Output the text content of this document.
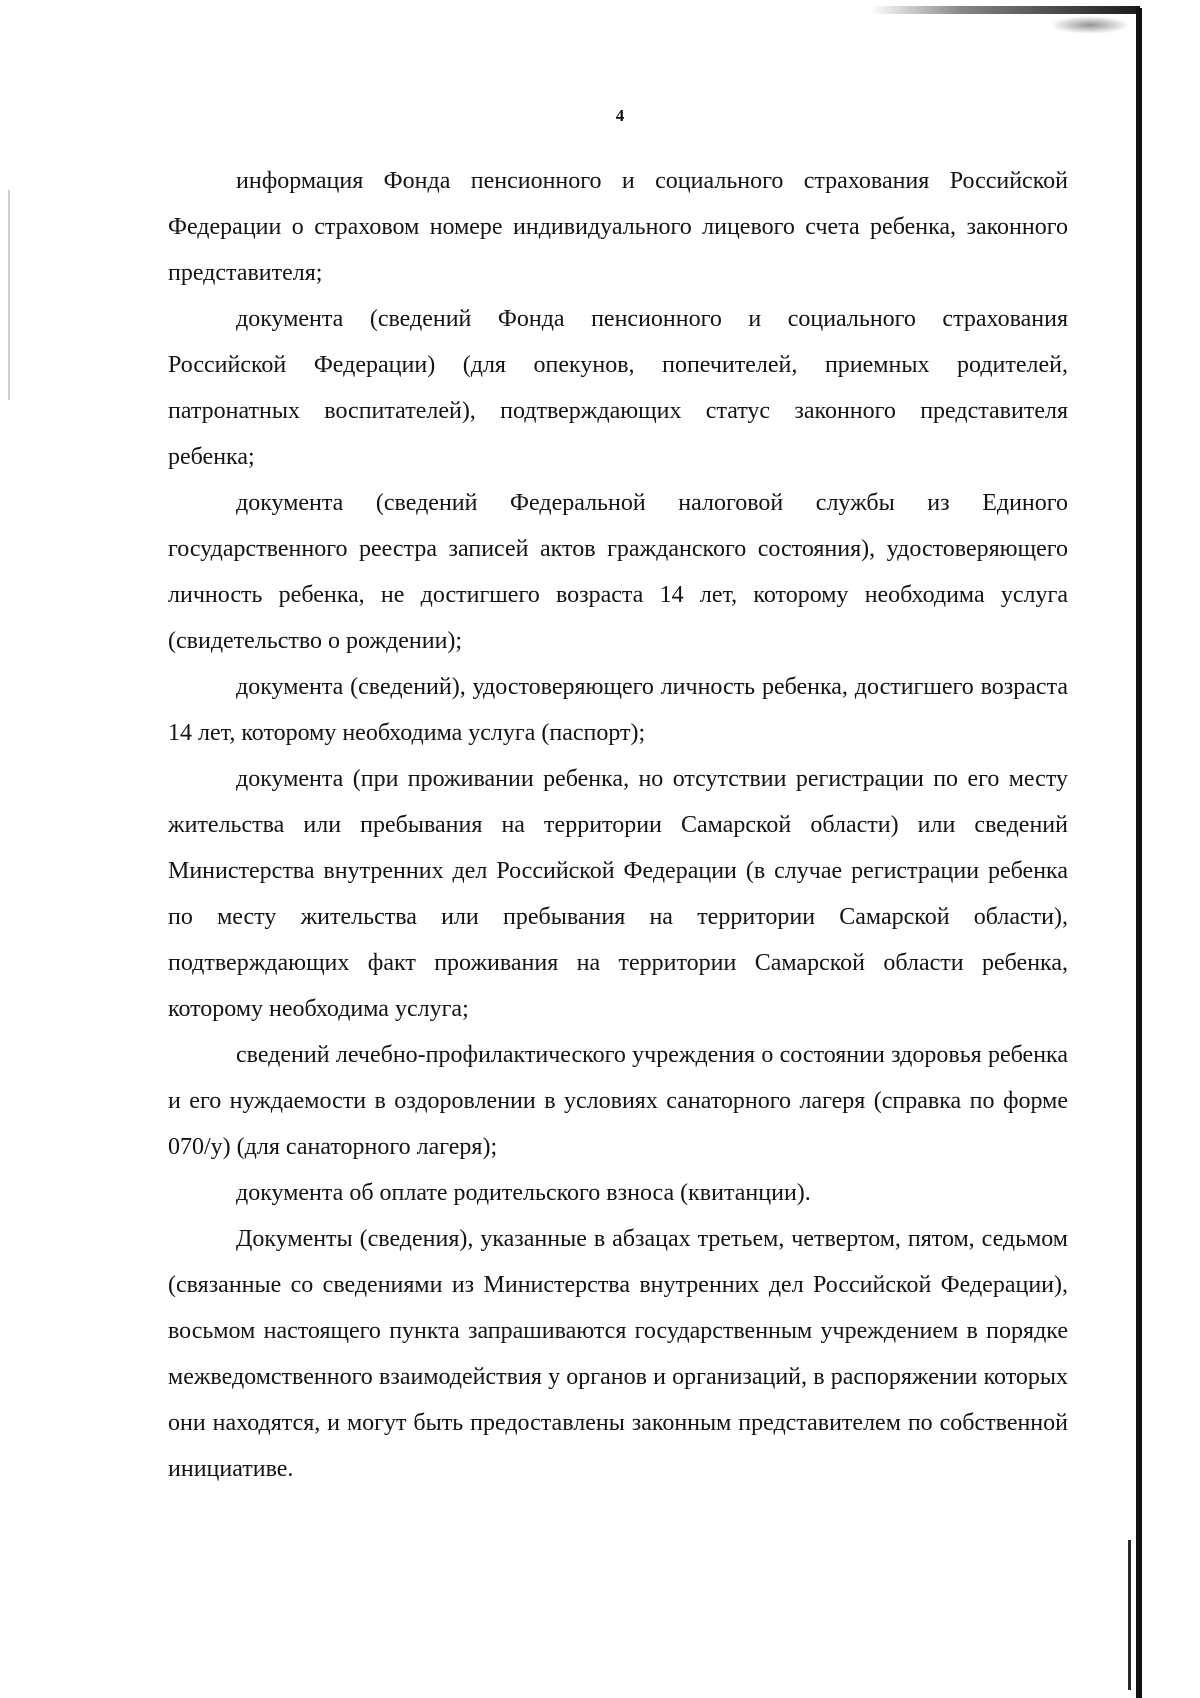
4

информация Фонда пенсионного и социального страхования Российской Федерации о страховом номере индивидуального лицевого счета ребенка, законного представителя;

документа (сведений Фонда пенсионного и социального страхования Российской Федерации) (для опекунов, попечителей, приемных родителей, патронатных воспитателей), подтверждающих статус законного представителя ребенка;

документа (сведений Федеральной налоговой службы из Единого государственного реестра записей актов гражданского состояния), удостоверяющего личность ребенка, не достигшего возраста 14 лет, которому необходима услуга (свидетельство о рождении);

документа (сведений), удостоверяющего личность ребенка, достигшего возраста 14 лет, которому необходима услуга (паспорт);

документа (при проживании ребенка, но отсутствии регистрации по его месту жительства или пребывания на территории Самарской области) или сведений Министерства внутренних дел Российской Федерации (в случае регистрации ребенка по месту жительства или пребывания на территории Самарской области), подтверждающих факт проживания на территории Самарской области ребенка, которому необходима услуга;

сведений лечебно-профилактического учреждения о состоянии здоровья ребенка и его нуждаемости в оздоровлении в условиях санаторного лагеря (справка по форме 070/у) (для санаторного лагеря);

документа об оплате родительского взноса (квитанции).

Документы (сведения), указанные в абзацах третьем, четвертом, пятом, седьмом (связанные со сведениями из Министерства внутренних дел Российской Федерации), восьмом настоящего пункта запрашиваются государственным учреждением в порядке межведомственного взаимодействия у органов и организаций, в распоряжении которых они находятся, и могут быть предоставлены законным представителем по собственной инициативе.
